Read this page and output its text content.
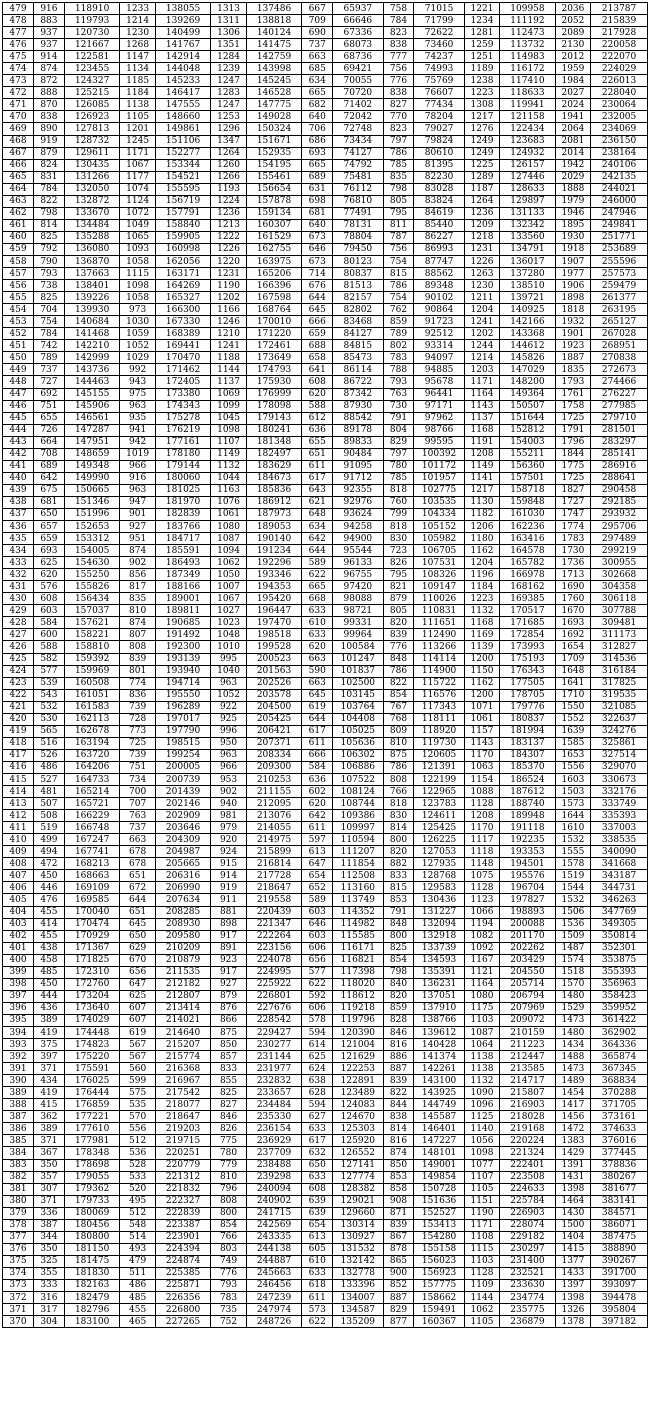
479	916	118910	1233	138055	1313	137486	667	65937	758	71015	1221	109958	2036	213787
478	883	119793	1214	139269	1311	138818	709	66646	784	71799	1234	111192	2052	215839
477	937	120730	1230	140499	1306	140124	690	67336	823	72622	1281	112473	2089	217928
476	937	121667	1268	141767	1351	141475	737	68073	838	73460	1259	113732	2130	220058
475	914	122581	1147	142914	1284	142759	663	68736	777	74237	1251	114983	2012	222070
474	874	123455	1134	144048	1239	143998	685	69421	756	74993	1189	116172	1959	224029
473	872	124327	1185	145233	1247	145245	634	70055	776	75769	1238	117410	1984	226013
472	888	125215	1184	146417	1283	146528	665	70720	838	76607	1223	118633	2027	228040
471	870	126085	1138	147555	1247	147775	682	71402	827	77434	1308	119941	2024	230064
470	838	126923	1105	148660	1253	149028	640	72042	770	78204	1217	121158	1941	232005
469	890	127813	1201	149861	1296	150324	706	72748	823	79027	1276	122434	2064	234069
468	919	128732	1245	151106	1347	151671	686	73434	797	79824	1249	123683	2081	236150
467	879	129611	1171	152277	1264	152935	693	74127	786	80610	1249	124932	2014	238164
466	824	130435	1067	153344	1260	154195	665	74792	785	81395	1225	126157	1942	240106
465	831	131266	1177	154521	1266	155461	689	75481	835	82230	1289	127446	2029	242135
464	784	132050	1074	155595	1193	156654	631	76112	798	83028	1187	128633	1888	244021
463	822	132872	1124	156719	1224	157878	698	76810	805	83824	1264	129897	1979	246000
462	798	133670	1072	157791	1236	159134	681	77491	795	84619	1236	131133	1946	247946
461	814	134484	1049	158840	1213	160307	640	78131	811	85440	1209	132342	1895	249841
460	825	135288	1065	159905	1222	161529	673	78804	787	86227	1218	133560	1930	251771
459	792	136080	1093	160998	1226	162755	646	79450	756	86993	1231	134791	1918	253689
458	790	136870	1058	162056	1220	163975	673	80123	754	87747	1226	136017	1907	255596
457	793	137663	1115	163171	1231	165206	714	80837	815	88562	1263	137280	1977	257573
456	738	138401	1098	164269	1190	166396	676	81513	786	89348	1230	138510	1906	259479
455	825	139226	1058	165327	1202	167598	644	82157	754	90102	1211	139721	1898	261377
454	704	139930	973	166300	1166	168764	645	82802	762	90864	1204	140925	1818	263195
453	754	140684	1030	167330	1246	170010	666	83468	859	91723	1241	142166	1932	265127
452	784	141468	1059	168389	1210	171220	659	84127	789	92512	1202	143368	1901	267028
451	742	142210	1052	169441	1241	172461	688	84815	802	93314	1244	144612	1923	268951
450	789	142999	1029	170470	1188	173649	658	85473	783	94097	1214	145826	1887	270838
449	737	143736	992	171462	1144	174793	641	86114	788	94885	1203	147029	1835	272673
448	727	144463	943	172405	1137	175930	608	86722	793	95678	1171	148200	1793	274466
447	692	145155	975	173380	1069	176999	620	87342	763	96441	1164	149364	1761	276227
446	751	145906	963	174343	1099	178098	588	87930	730	97171	1143	150507	1758	277985
445	655	146561	935	175278	1045	179143	612	88542	791	97962	1137	151644	1725	279710
444	726	147287	941	176219	1098	180241	636	89178	804	98766	1168	152812	1791	281501
443	664	147951	942	177161	1107	181348	655	89833	829	99595	1191	154003	1796	283297
442	708	148659	1019	178180	1149	182497	651	90484	797	100392	1208	155211	1844	285141
441	689	149348	966	179144	1132	183629	611	91095	780	101172	1149	156360	1775	286916
440	642	149990	916	180060	1044	184673	617	91712	785	101957	1141	157501	1725	288641
439	675	150665	963	181025	1163	185836	643	92355	818	102775	1217	158718	1827	290458
438	681	151346	947	181970	1076	186912	621	92976	760	103535	1130	159848	1727	292185
437	650	151996	901	182839	1061	187973	648	93624	799	104334	1182	161030	1747	293932
436	657	152653	927	183766	1080	189053	634	94258	818	105152	1206	162236	1774	295706
435	659	153312	951	184717	1087	190140	642	94900	830	105982	1180	163416	1783	297489
434	693	154005	874	185591	1094	191234	644	95544	723	106705	1162	164578	1730	299219
433	625	154630	902	186493	1062	192296	589	96133	826	107531	1204	165782	1736	300955
432	620	155250	856	187349	1050	193346	622	96755	795	108326	1196	166978	1713	302668
431	576	155826	817	188166	1007	194353	665	97420	821	109147	1184	168162	1690	304358
430	608	156434	835	189001	1067	195420	668	98088	879	110026	1223	169385	1760	306118
429	603	157037	810	189811	1027	196447	633	98721	805	110831	1132	170517	1670	307788
428	584	157621	874	190685	1023	197470	610	99331	820	111651	1168	171685	1693	309481
427	600	158221	807	191492	1048	198518	633	99964	839	112490	1169	172854	1692	311173
426	588	158810	808	192300	1010	199528	620	100584	776	113266	1139	173993	1654	312827
425	582	159392	839	193139	995	200523	663	101247	848	114114	1200	175193	1709	314536
424	577	159969	801	193940	1040	201563	590	101837	786	114900	1150	176343	1648	316184
423	539	160508	774	194714	963	202526	663	102500	822	115722	1162	177505	1641	317825
422	543	161051	836	195550	1052	203578	645	103145	854	116576	1200	178705	1710	319535
421	532	161583	739	196289	922	204500	619	103764	767	117343	1071	179776	1550	321085
420	530	162113	728	197017	925	205425	644	104408	768	118111	1061	180837	1552	322637
419	565	162678	773	197790	996	206421	617	105025	809	118920	1157	181994	1639	324276
418	516	163194	725	198515	950	207371	611	105636	810	119730	1143	183137	1585	325861
417	526	163720	739	199254	963	208334	666	106302	875	120605	1170	184307	1653	327514
416	486	164206	751	200005	966	209300	584	106886	786	121391	1063	185370	1556	329070
415	527	164733	734	200739	953	210253	636	107522	808	122199	1154	186524	1603	330673
414	481	165214	700	201439	902	211155	602	108124	766	122965	1088	187612	1503	332176
413	507	165721	707	202146	940	212095	620	108744	818	123783	1128	188740	1573	333749
412	508	166229	763	202909	981	213076	642	109386	830	124611	1208	189948	1644	335393
411	519	166748	737	203646	979	214055	611	109997	814	125425	1170	191118	1610	337003
410	499	167247	663	204309	920	214975	597	110594	800	126225	1117	192235	1532	338535
409	494	167741	678	204987	924	215899	613	111207	820	127053	1118	193353	1555	340090
408	472	168213	678	205665	915	216814	647	111854	882	127935	1148	194501	1578	341668
407	450	168663	651	206316	914	217728	654	112508	833	128768	1075	195576	1519	343187
406	446	169109	672	206990	919	218647	652	113160	815	129583	1128	196704	1544	344731
405	476	169585	644	207634	911	219558	589	113749	853	130436	1123	197827	1532	346263
404	455	170040	651	208285	881	220439	603	114352	791	131227	1066	198893	1506	347769
403	414	170474	645	208930	898	221347	646	114982	848	132094	1194	200088	1536	349305
402	455	170929	650	209580	917	222264	603	115585	800	132918	1082	201170	1509	350814
401	438	171367	629	210209	891	223156	606	116171	825	133739	1092	202262	1487	352301
400	458	171825	670	210879	923	224078	656	116821	854	134593	1167	203429	1574	353875
399	485	172310	656	211535	917	224995	577	117398	798	135391	1121	204550	1518	355393
398	450	172760	647	212182	927	225922	622	118020	840	136231	1164	205714	1570	356963
397	444	173204	625	212807	879	226801	592	118612	820	137051	1080	206794	1480	358423
396	436	173640	607	213414	876	227676	606	119218	859	137910	1175	207969	1529	359952
395	389	174029	607	214021	866	228542	578	119796	828	138766	1103	209072	1473	361422
394	419	174448	619	214640	875	229427	594	120390	846	139612	1087	210159	1480	362902
393	375	174823	567	215207	850	230277	614	121004	816	140428	1064	211223	1434	364336
392	397	175220	567	215774	857	231144	625	121629	886	141374	1138	212447	1488	365874
391	371	175591	560	216368	833	231977	624	122253	887	142261	1138	213585	1473	367345
390	434	176025	599	216967	855	232832	638	122891	839	143100	1132	214717	1489	368834
389	419	176444	575	217542	825	233657	628	123489	822	143925	1090	215807	1454	370288
388	415	176859	535	218077	827	234484	594	124083	844	144749	1096	216903	1417	371705
387	362	177221	570	218647	846	235330	627	124670	838	145587	1125	218028	1456	373161
386	389	177610	556	219203	826	236154	633	125303	814	146401	1140	219168	1472	374633
385	371	177981	512	219715	775	236929	617	125920	816	147227	1056	220224	1383	376016
384	367	178348	536	220251	780	237709	632	126552	874	148101	1098	221324	1429	377445
383	350	178698	528	220779	779	238488	650	127141	850	149001	1077	222401	1391	378836
382	357	179055	533	221312	810	239298	633	127774	853	149854	1107	223508	1431	380267
381	307	179362	520	221832	796	240094	608	128382	858	150728	1105	224633	1398	381677
380	371	179733	495	222327	808	240902	639	129021	908	151636	1151	225784	1464	383141
379	336	180069	512	222839	800	241715	639	129660	871	152527	1190	226903	1430	384571
378	387	180456	548	223387	854	242569	654	130314	839	153413	1171	228074	1500	386071
377	344	180800	514	223901	766	243335	613	130927	867	154280	1108	229182	1404	387475
376	350	181150	493	224394	803	244138	605	131532	878	155158	1115	230297	1415	388890
375	325	181475	479	224874	749	244887	610	132142	865	156023	1103	231400	1377	390267
374	355	181830	511	225385	776	245663	633	132778	900	156923	1128	232521	1433	391700
373	333	182163	486	225871	793	246456	618	133396	852	157775	1109	233630	1397	393097
372	316	182479	485	226356	783	247239	611	134007	887	158662	1144	234774	1398	394478
371	317	182796	455	226800	735	247974	573	134587	829	159491	1062	235775	1326	395804
370	304	183100	465	227265	752	248726	622	135209	877	160367	1105	236879	1378	397182
